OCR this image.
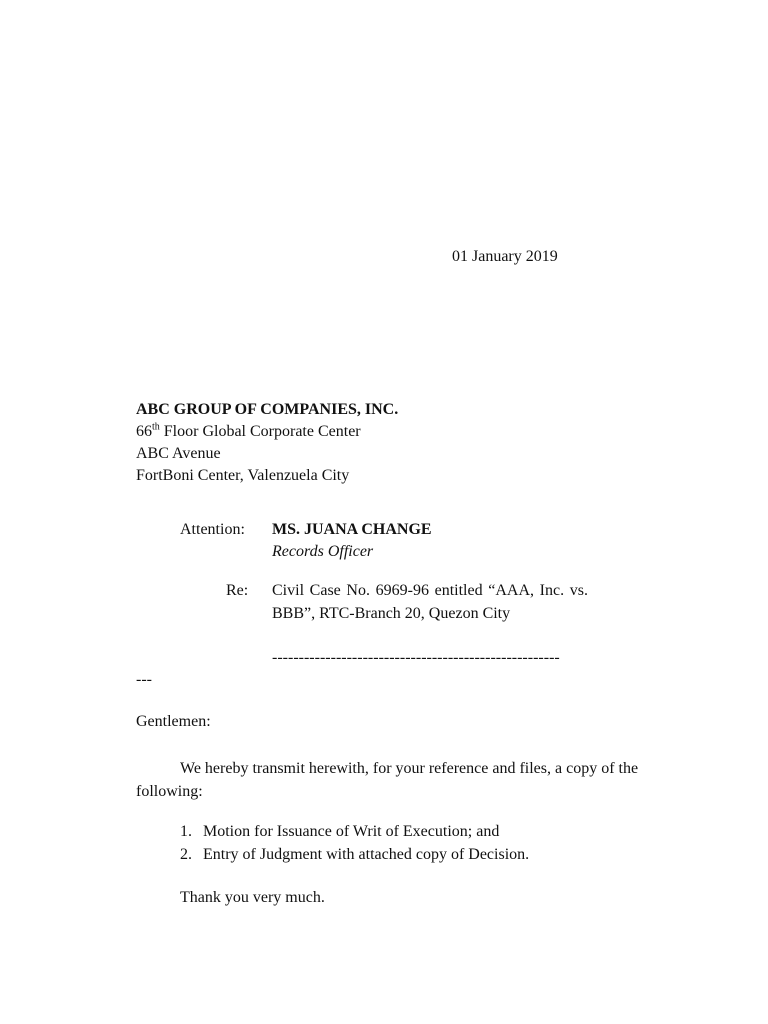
01 January 2019
ABC GROUP OF COMPANIES, INC.
66th Floor Global Corporate Center
ABC Avenue
FortBoni Center, Valenzuela City
Attention: MS. JUANA CHANGE
Records Officer
Re: Civil Case No. 6969-96 entitled “AAA, Inc. vs. BBB”, RTC-Branch 20, Quezon City
------------------------------------------------------
---
Gentlemen:
We hereby transmit herewith, for your reference and files, a copy of the following:
1. Motion for Issuance of Writ of Execution; and
2. Entry of Judgment with attached copy of Decision.
Thank you very much.
